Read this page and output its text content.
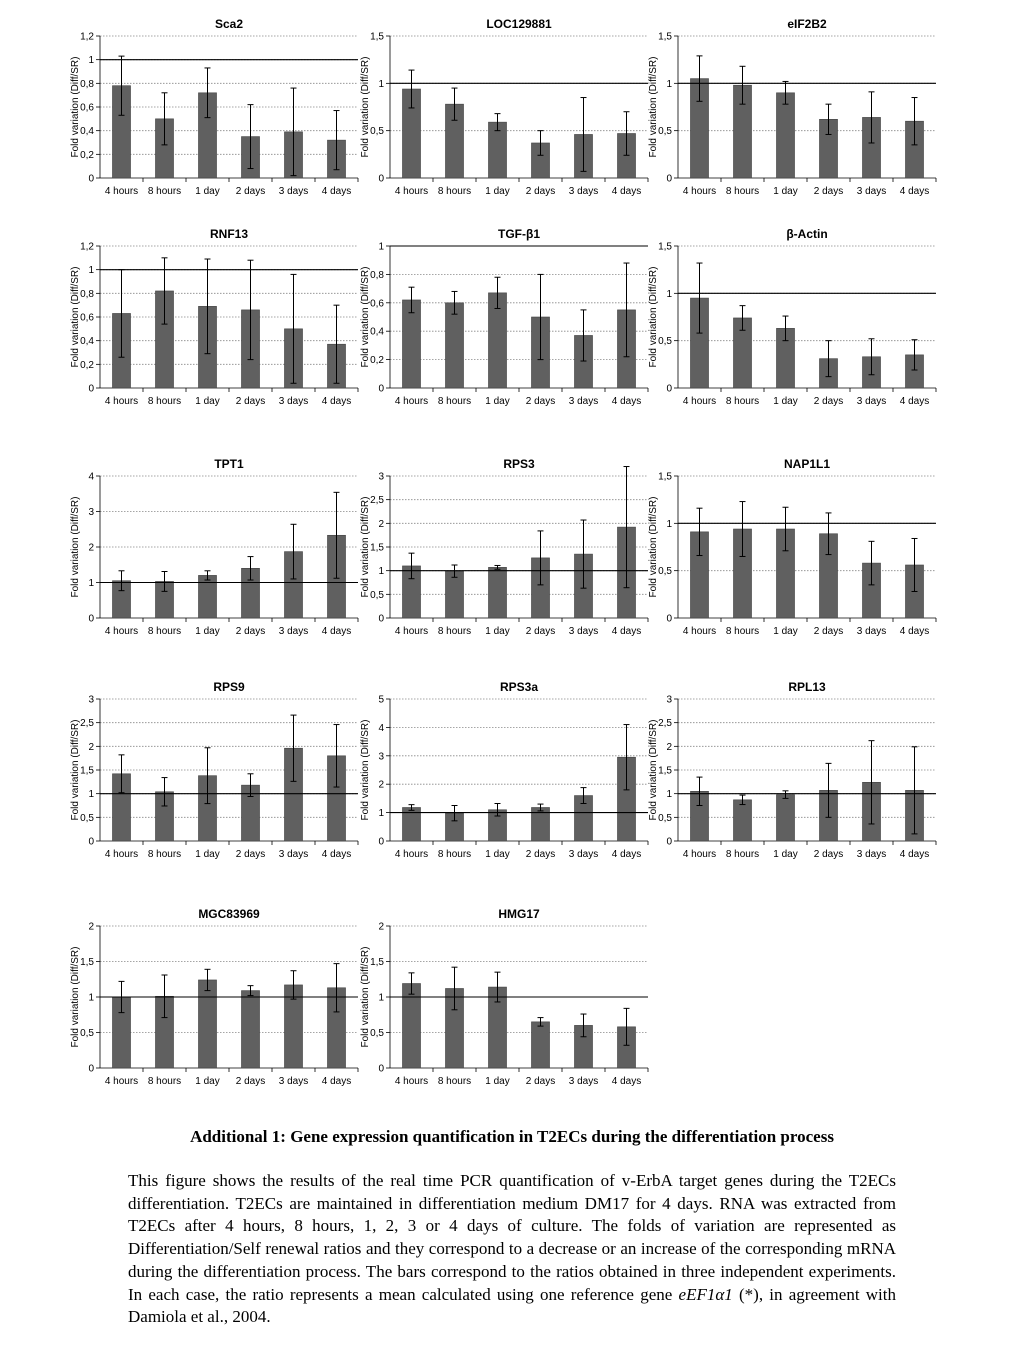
Sca2
Fold variation (Diff/SR)
0
0,2
0,4
0,6
0,8
1
1,2
4 hours 8 hours 1 day 2 days 3 days 4 days
LOC129881
Fold variation (Diff/SR)
0
0,5
1
1,5
4 hours 8 hours 1 day 2 days 3 days 4 days
eIF2B2
Fold variation (Diff/SR)
0
0,5
1
1,5
4 hours 8 hours 1 day 2 days 3 days 4 days
RNF13
Fold variation (Diff/SR)
0
0,2
0,4
0,6
0,8
1
1,2
4 hours 8 hours 1 day 2 days 3 days 4 days
TGF-β1
Fold variation (Diff/SR)
0
0,2
0,4
0,6
0,8
1
4 hours 8 hours 1 day 2 days 3 days 4 days
β-Actin
Fold variation (Diff/SR)
0
0,5
1
1,5
4 hours 8 hours 1 day 2 days 3 days 4 days
TPT1
Fold variation (Diff/SR)
0
1
2
3
4
4 hours 8 hours 1 day 2 days 3 days 4 days
RPS3
Fold variation (Diff/SR)
0
0,5
1
1,5
2
2,5
3
4 hours 8 hours 1 day 2 days 3 days 4 days
NAP1L1
Fold variation (Diff/SR)
0
0,5
1
1,5
4 hours 8 hours 1 day 2 days 3 days 4 days
RPS9
Fold variation (Diff/SR)
0
0,5
1
1,5
2
2,5
3
4 hours 8 hours 1 day 2 days 3 days 4 days
RPS3a
Fold variation (Diff/SR)
0
1
2
3
4
5
4 hours 8 hours 1 day 2 days 3 days 4 days
RPL13
Fold variation (Diff/SR)
0
0,5
1
1,5
2
2,5
3
4 hours 8 hours 1 day 2 days 3 days 4 days
MGC83969
Fold variation (Diff/SR)
0
0,5
1
1,5
2
4 hours 8 hours 1 day 2 days 3 days 4 days
HMG17
Fold variation (Diff/SR)
0
0,5
1
1,5
2
4 hours 8 hours 1 day 2 days 3 days 4 days

Additional 1: Gene expression quantification in T2ECs during the differentiation process

This figure shows the results of the real time PCR quantification of v-ErbA target genes during the T2ECs differentiation. T2ECs are maintained in differentiation medium DM17 for 4 days. RNA was extracted from T2ECs after 4 hours, 8 hours, 1, 2, 3 or 4 days of culture. The folds of variation are represented as Differentiation/Self renewal ratios and they correspond to a decrease or an increase of the corresponding mRNA during the differentiation process. The bars correspond to the ratios obtained in three independent experiments. In each case, the ratio represents a mean calculated using one reference gene eEF1α1 (*), in agreement with Damiola et al., 2004.
